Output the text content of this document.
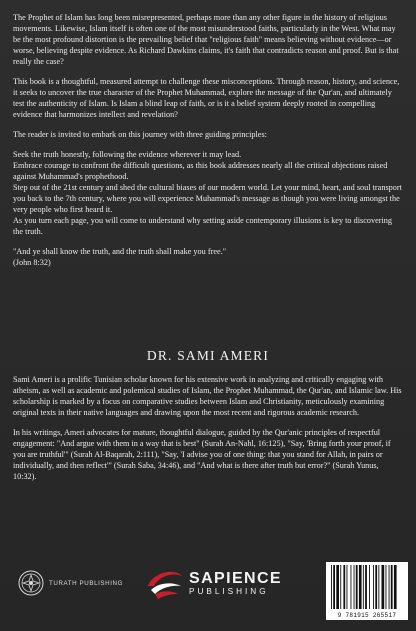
The Prophet of Islam has long been misrepresented, perhaps more than any other figure in the history of religious movements. Likewise, Islam itself is often one of the most misunderstood faiths, particularly in the West. What may be the most profound distortion is the prevailing belief that "religious faith" means believing without evidence—or worse, believing despite evidence. As Richard Dawkins claims, it's faith that contradicts reason and proof. But is that really the case?

This book is a thoughtful, measured attempt to challenge these misconceptions. Through reason, history, and science, it seeks to uncover the true character of the Prophet Muhammad, explore the message of the Qur'an, and ultimately test the authenticity of Islam. Is Islam a blind leap of faith, or is it a belief system deeply rooted in compelling evidence that harmonizes intellect and revelation?

The reader is invited to embark on this journey with three guiding principles:

Seek the truth honestly, following the evidence wherever it may lead.
Embrace courage to confront the difficult questions, as this book addresses nearly all the critical objections raised against Muhammad's prophethood.
Step out of the 21st century and shed the cultural biases of our modern world. Let your mind, heart, and soul transport you back to the 7th century, where you will experience Muhammad's message as though you were living amongst the very people who first heard it.
As you turn each page, you will come to understand why setting aside contemporary illusions is key to discovering the truth.
"And ye shall know the truth, and the truth shall make you free."
(John 8:32)
DR. SAMI AMERI

Sami Ameri is a prolific Tunisian scholar known for his extensive work in analyzing and critically engaging with atheism, as well as academic and polemical studies of Islam, the Prophet Muhammad, the Qur'an, and Islamic law. His scholarship is marked by a focus on comparative studies between Islam and Christianity, meticulously examining original texts in their native languages and drawing upon the most recent and rigorous academic research.

In his writings, Ameri advocates for mature, thoughtful dialogue, guided by the Qur'anic principles of respectful engagement: "And argue with them in a way that is best" (Surah An-Nahl, 16:125), "Say, 'Bring forth your proof, if you are truthful'" (Surah Al-Baqarah, 2:111), "Say, 'I advise you of one thing: that you stand for Allah, in pairs or individually, and then reflect'" (Surah Saba, 34:46), and "And what is there after truth but error?" (Surah Yunus, 10:32).

TURATH PUBLISHING	SAPIENCE
PUBLISHING
9 781915 265517
